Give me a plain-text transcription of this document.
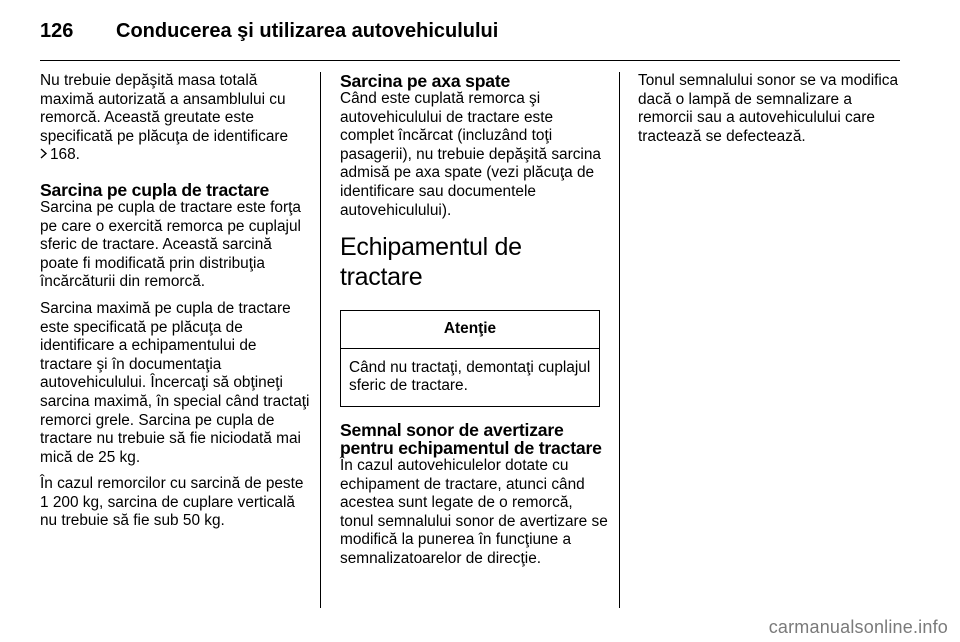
126 Conducerea şi utilizarea autovehiculului

Nu trebuie depăşită masa totală maximă autorizată a ansamblului cu remorcă. Această greutate este specificată pe plăcuţa de identificare
168.

Sarcina pe cupla de tractare

Sarcina pe cupla de tractare este forţa pe care o exercită remorca pe cuplajul sferic de tractare. Această sarcină poate fi modificată prin distribuţia încărcăturii din remorcă.

Sarcina maximă pe cupla de tractare este specificată pe plăcuţa de identificare a echipamentului de tractare şi în documentaţia autovehiculului. Încercaţi să obţineţi sarcina maximă, în special când tractaţi remorci grele. Sarcina pe cupla de tractare nu trebuie să fie niciodată mai mică de 25 kg.

În cazul remorcilor cu sarcină de peste 1 200 kg, sarcina de cuplare verticală nu trebuie să fie sub 50 kg.

Sarcina pe axa spate

Când este cuplată remorca şi autovehiculului de tractare este complet încărcat (incluzând toţi pasagerii), nu trebuie depăşită sarcina admisă pe axa spate (vezi plăcuţa de identificare sau documentele autovehiculului).

Echipamentul de tractare
Atenţie
Când nu tractaţi, demontaţi cuplajul sferic de tractare.
Semnal sonor de avertizare pentru echipamentul de tractare

În cazul autovehiculelor dotate cu echipament de tractare, atunci când acestea sunt legate de o remorcă, tonul semnalului sonor de avertizare se modifică la punerea în funcţiune a semnalizatoarelor de direcţie.

Tonul semnalului sonor se va modifica dacă o lampă de semnalizare a remorcii sau a autovehiculului care tractează se defectează.

carmanualsonline.info
